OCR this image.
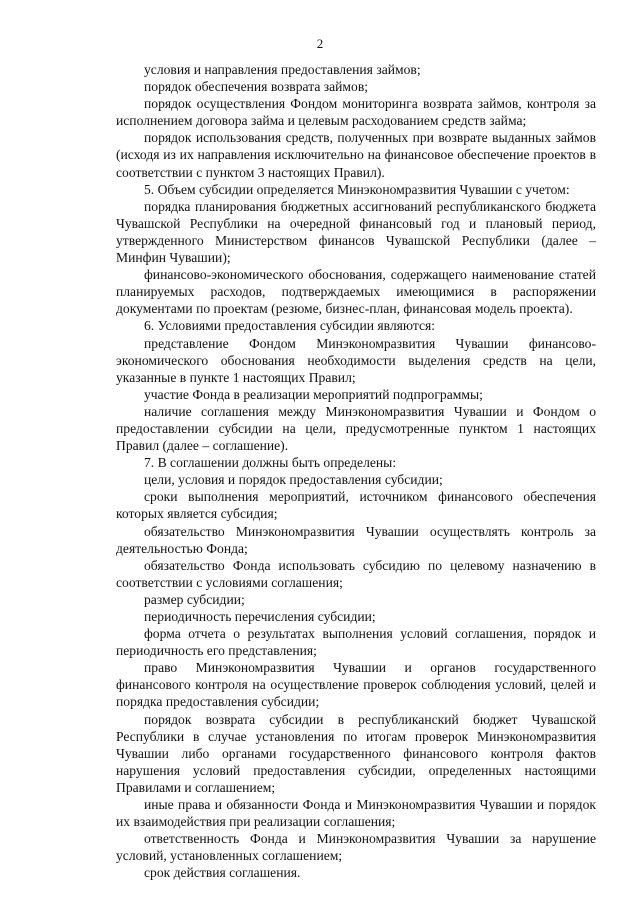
2

условия и направления предоставления займов;

порядок обеспечения возврата займов;

порядок осуществления Фондом мониторинга возврата займов, контроля за исполнением договора займа и целевым расходованием средств займа;

порядок использования средств, полученных при возврате выданных займов (исходя из их направления исключительно на финансовое обеспечение проектов в соответствии с пунктом 3 настоящих Правил).

5. Объем субсидии определяется Минэкономразвития Чувашии с учетом:

порядка планирования бюджетных ассигнований республиканского бюджета Чувашской Республики на очередной финансовый год и плановый период, утвержденного Министерством финансов Чувашской Республики (далее – Минфин Чувашии);

финансово-экономического обоснования, содержащего наименование статей планируемых расходов, подтверждаемых имеющимися в распоряжении документами по проектам (резюме, бизнес-план, финансовая модель проекта).

6. Условиями предоставления субсидии являются:

представление Фондом Минэкономразвития Чувашии финансово-экономического обоснования необходимости выделения средств на цели, указанные в пункте 1 настоящих Правил;

участие Фонда в реализации мероприятий подпрограммы;

наличие соглашения между Минэкономразвития Чувашии и Фондом о предоставлении субсидии на цели, предусмотренные пунктом 1 настоящих Правил (далее – соглашение).

7. В соглашении должны быть определены:

цели, условия и порядок предоставления субсидии;

сроки выполнения мероприятий, источником финансового обеспечения которых является субсидия;

обязательство Минэкономразвития Чувашии осуществлять контроль за деятельностью Фонда;

обязательство Фонда использовать субсидию по целевому назначению в соответствии с условиями соглашения;

размер субсидии;

периодичность перечисления субсидии;

форма отчета о результатах выполнения условий соглашения, порядок и периодичность его представления;

право Минэкономразвития Чувашии и органов государственного финансового контроля на осуществление проверок соблюдения условий, целей и порядка предоставления субсидии;

порядок возврата субсидии в республиканский бюджет Чувашской Республики в случае установления по итогам проверок Минэкономразвития Чувашии либо органами государственного финансового контроля фактов нарушения условий предоставления субсидии, определенных настоящими Правилами и соглашением;

иные права и обязанности Фонда и Минэкономразвития Чувашии и порядок их взаимодействия при реализации соглашения;

ответственность Фонда и Минэкономразвития Чувашии за нарушение условий, установленных соглашением;

срок действия соглашения.
